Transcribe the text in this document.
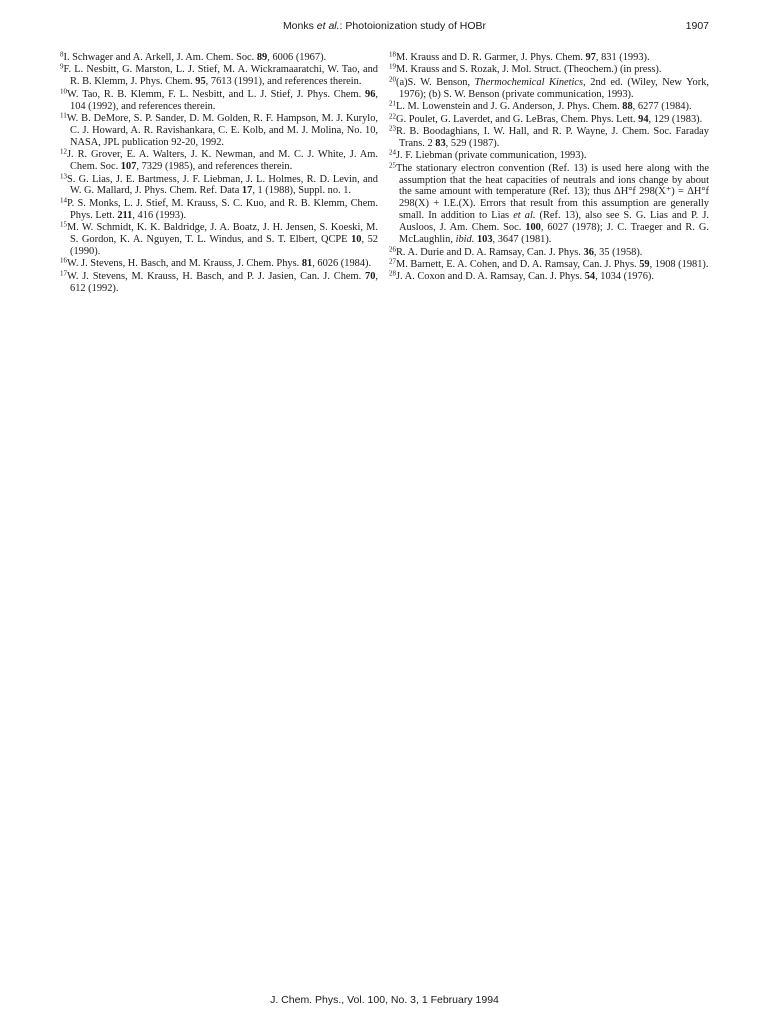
Monks et al.: Photoionization study of HOBr	1907

$^8$I. Schwager and A. Arkell, J. Am. Chem. Soc. 89, 6006 (1967).

$^9$F. L. Nesbitt, G. Marston, L. J. Stief, M. A. Wickramaaratchi, W. Tao, and R. B. Klemm, J. Phys. Chem. 95, 7613 (1991), and references therein.

$^{10}$W. Tao, R. B. Klemm, F. L. Nesbitt, and L. J. Stief, J. Phys. Chem. 96, 104 (1992), and references therein.

$^{11}$W. B. DeMore, S. P. Sander, D. M. Golden, R. F. Hampson, M. J. Kurylo, C. J. Howard, A. R. Ravishankara, C. E. Kolb, and M. J. Molina, No. 10, NASA, JPL publication 92-20, 1992.

$^{12}$J. R. Grover, E. A. Walters, J. K. Newman, and M. C. J. White, J. Am. Chem. Soc. 107, 7329 (1985), and references therein.

$^{13}$S. G. Lias, J. E. Bartmess, J. F. Liebman, J. L. Holmes, R. D. Levin, and W. G. Mallard, J. Phys. Chem. Ref. Data 17, 1 (1988), Suppl. no. 1.

$^{14}$P. S. Monks, L. J. Stief, M. Krauss, S. C. Kuo, and R. B. Klemm, Chem. Phys. Lett. 211, 416 (1993).

$^{15}$M. W. Schmidt, K. K. Baldridge, J. A. Boatz, J. H. Jensen, S. Koeski, M. S. Gordon, K. A. Nguyen, T. L. Windus, and S. T. Elbert, QCPE 10, 52 (1990).

$^{16}$W. J. Stevens, H. Basch, and M. Krauss, J. Chem. Phys. 81, 6026 (1984).

$^{17}$W. J. Stevens, M. Krauss, H. Basch, and P. J. Jasien, Can. J. Chem. 70, 612 (1992).

$^{18}$M. Krauss and D. R. Garmer, J. Phys. Chem. 97, 831 (1993).

$^{19}$M. Krauss and S. Rozak, J. Mol. Struct. (Theochem.) (in press).

$^{20}$(a)S. W. Benson, Thermochemical Kinetics, 2nd ed. (Wiley, New York, 1976); (b) S. W. Benson (private communication, 1993).

$^{21}$L. M. Lowenstein and J. G. Anderson, J. Phys. Chem. 88, 6277 (1984).

$^{22}$G. Poulet, G. Laverdet, and G. LeBras, Chem. Phys. Lett. 94, 129 (1983).

$^{23}$R. B. Boodaghians, I. W. Hall, and R. P. Wayne, J. Chem. Soc. Faraday Trans. 2 83, 529 (1987).

$^{24}$J. F. Liebman (private communication, 1993).

$^{25}$The stationary electron convention (Ref. 13) is used here along with the assumption that the heat capacities of neutrals and ions change by about the same amount with temperature (Ref. 13); thus ΔH°f 298(X⁺) = ΔH°f 298(X) + I.E.(X). Errors that result from this assumption are generally small. In addition to Lias et al. (Ref. 13), also see S. G. Lias and P. J. Ausloos, J. Am. Chem. Soc. 100, 6027 (1978); J. C. Traeger and R. G. McLaughlin, ibid. 103, 3647 (1981).

$^{26}$R. A. Durie and D. A. Ramsay, Can. J. Phys. 36, 35 (1958).

$^{27}$M. Barnett, E. A. Cohen, and D. A. Ramsay, Can. J. Phys. 59, 1908 (1981).

$^{28}$J. A. Coxon and D. A. Ramsay, Can. J. Phys. 54, 1034 (1976).

J. Chem. Phys., Vol. 100, No. 3, 1 February 1994
